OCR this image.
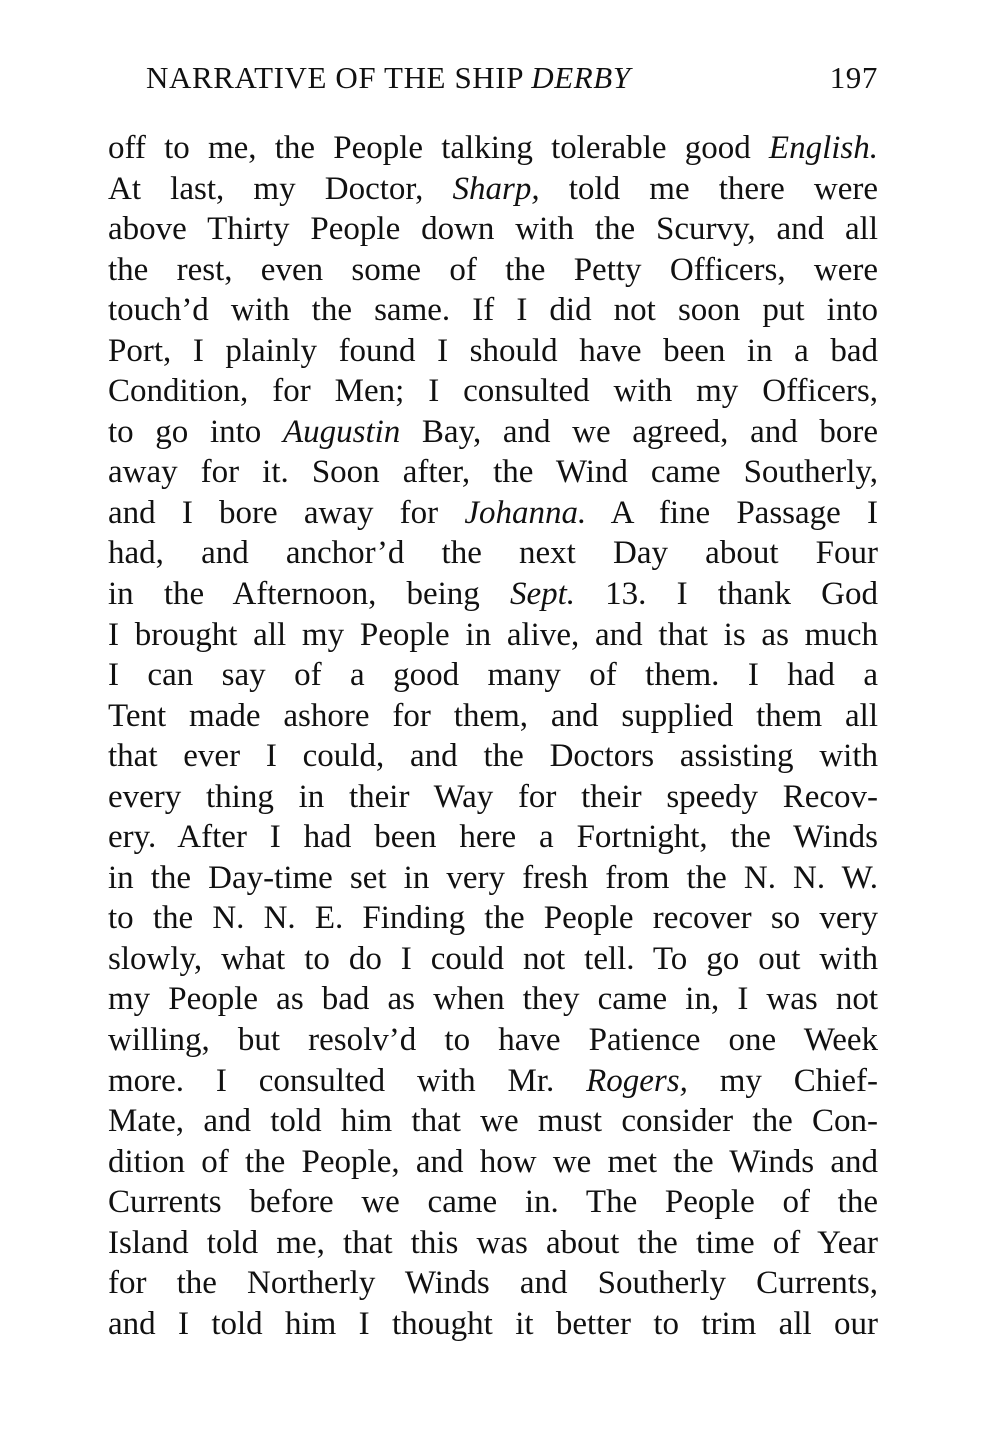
NARRATIVE OF THE SHIP DERBY	197
off to me, the People talking tolerable good English.
At last, my Doctor, Sharp, told me there were
above Thirty People down with the Scurvy, and all
the rest, even some of the Petty Officers, were
touch’d with the same. If I did not soon put into
Port, I plainly found I should have been in a bad
Condition, for Men; I consulted with my Officers,
to go into Augustin Bay, and we agreed, and bore
away for it. Soon after, the Wind came Southerly,
and I bore away for Johanna. A fine Passage I
had, and anchor’d the next Day about Four
in the Afternoon, being Sept. 13. I thank God
I brought all my People in alive, and that is as much
I can say of a good many of them. I had a
Tent made ashore for them, and supplied them all
that ever I could, and the Doctors assisting with
every thing in their Way for their speedy Recov-
ery. After I had been here a Fortnight, the Winds
in the Day-time set in very fresh from the N. N. W.
to the N. N. E. Finding the People recover so very
slowly, what to do I could not tell. To go out with
my People as bad as when they came in, I was not
willing, but resolv’d to have Patience one Week
more. I consulted with Mr. Rogers, my Chief-
Mate, and told him that we must consider the Con-
dition of the People, and how we met the Winds and
Currents before we came in. The People of the
Island told me, that this was about the time of Year
for the Northerly Winds and Southerly Currents,
and I told him I thought it better to trim all our
